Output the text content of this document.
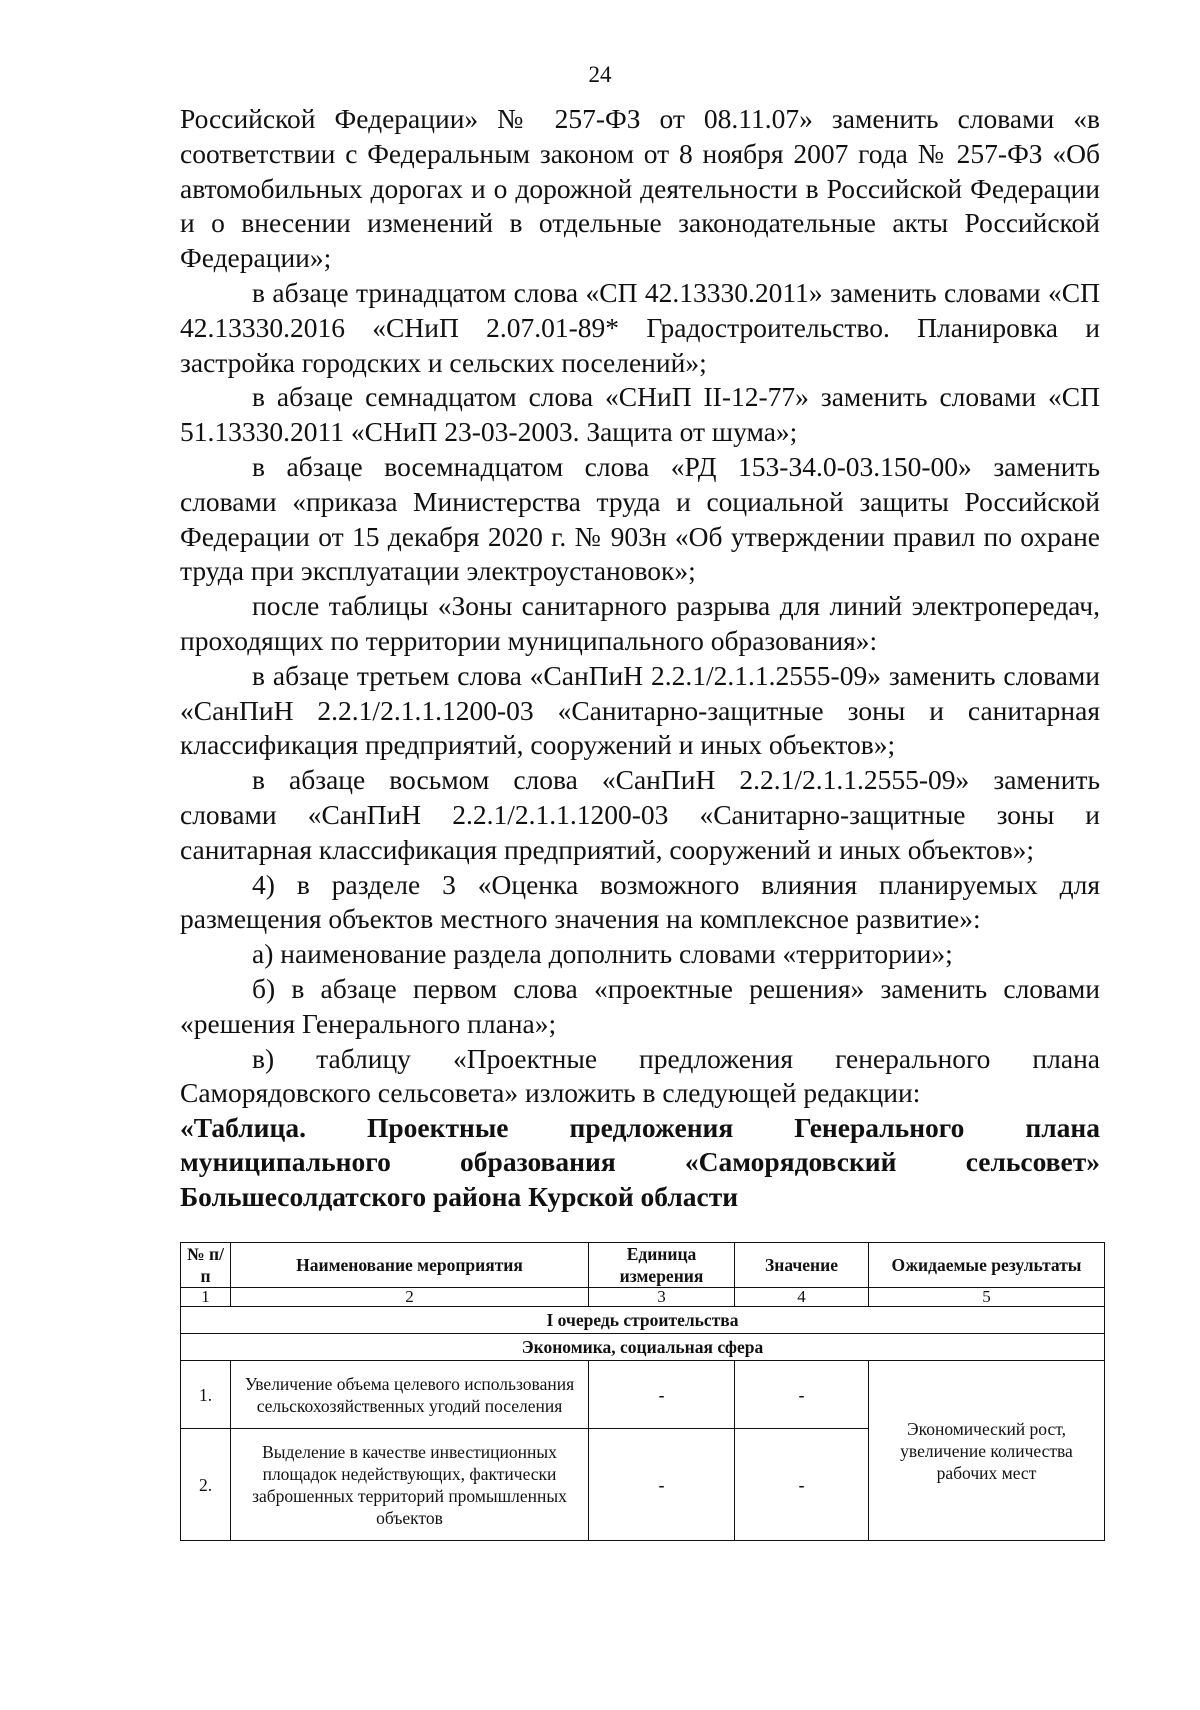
24

Российской Федерации» № 257-ФЗ от 08.11.07» заменить словами «в соответствии с Федеральным законом от 8 ноября 2007 года № 257-ФЗ «Об автомобильных дорогах и о дорожной деятельности в Российской Федерации и о внесении изменений в отдельные законодательные акты Российской Федерации»;

в абзаце тринадцатом слова «СП 42.13330.2011» заменить словами «СП 42.13330.2016 «СНиП 2.07.01-89* Градостроительство. Планировка и застройка городских и сельских поселений»;

в абзаце семнадцатом слова «СНиП II-12-77» заменить словами «СП 51.13330.2011 «СНиП 23-03-2003. Защита от шума»;

в абзаце восемнадцатом слова «РД 153-34.0-03.150-00» заменить словами «приказа Министерства труда и социальной защиты Российской Федерации от 15 декабря 2020 г. № 903н «Об утверждении правил по охране труда при эксплуатации электроустановок»;

после таблицы «Зоны санитарного разрыва для линий электропередач, проходящих по территории муниципального образования»:

в абзаце третьем слова «СанПиН 2.2.1/2.1.1.2555-09» заменить словами «СанПиН 2.2.1/2.1.1.1200-03 «Санитарно-защитные зоны и санитарная классификация предприятий, сооружений и иных объектов»;

в абзаце восьмом слова «СанПиН 2.2.1/2.1.1.2555-09» заменить словами «СанПиН 2.2.1/2.1.1.1200-03 «Санитарно-защитные зоны и санитарная классификация предприятий, сооружений и иных объектов»;

4) в разделе 3 «Оценка возможного влияния планируемых для размещения объектов местного значения на комплексное развитие»:

а) наименование раздела дополнить словами «территории»;

б) в абзаце первом слова «проектные решения» заменить словами «решения Генерального плана»;

в) таблицу «Проектные предложения генерального плана Саморядовского сельсовета» изложить в следующей редакции:

«Таблица. Проектные предложения Генерального плана
муниципального образования «Саморядовский сельсовет»
Большесолдатского района Курской области

№ п/п	Наименование мероприятия	Единица измерения	Значение	Ожидаемые результаты
1	2	3	4	5
I очередь строительства				
Экономика, социальная сфера				
1.	Увеличение объема целевого использования сельскохозяйственных угодий поселения	-	-	Экономический рост, увеличение количества рабочих мест
2.	Выделение в качестве инвестиционных площадок недействующих, фактически заброшенных территорий промышленных объектов	-	-	
